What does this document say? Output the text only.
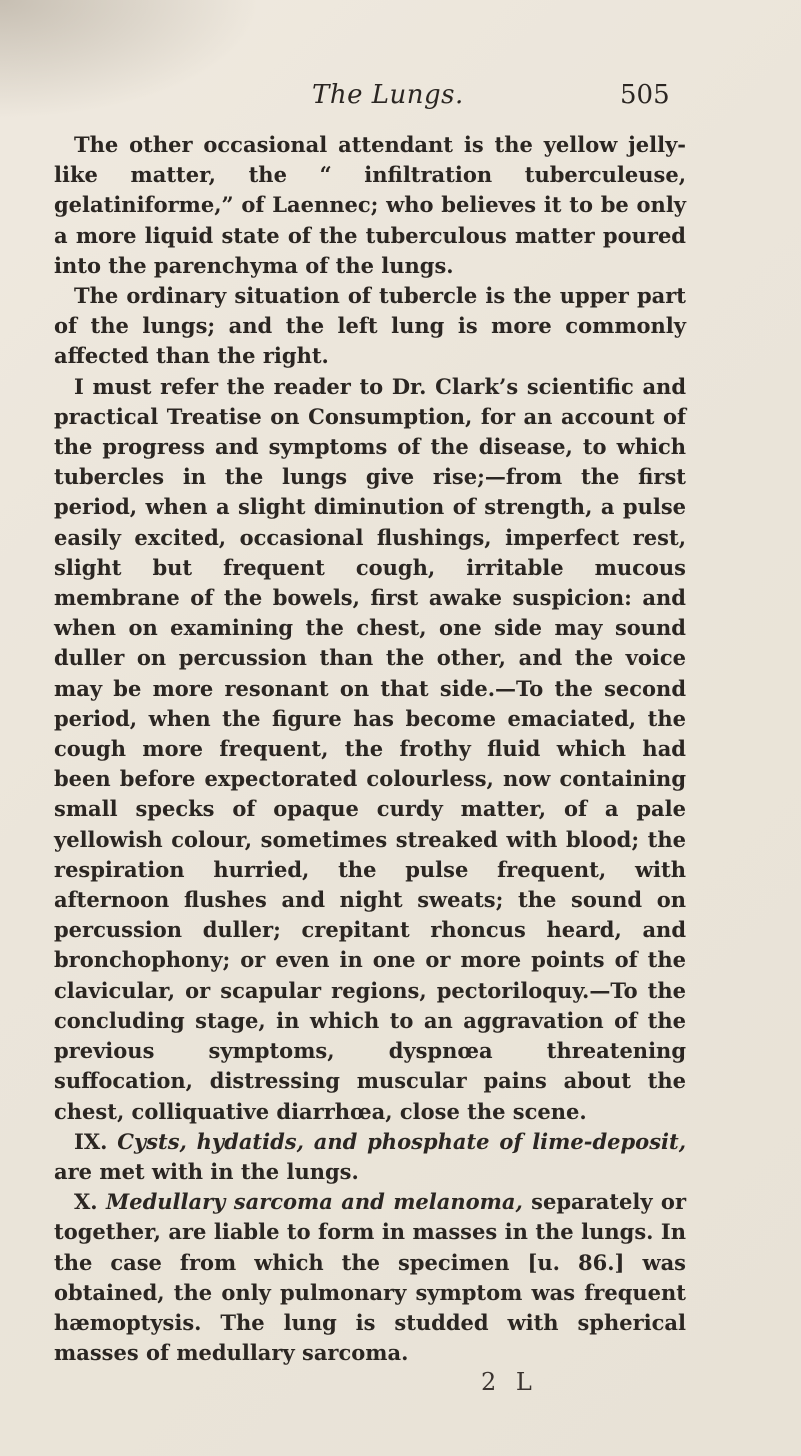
The Lungs.	505

The other occasional attendant is the yellow jelly-like matter, the “ infiltration tuberculeuse, gelatiniforme,” of Laennec; who believes it to be only a more liquid state of the tuberculous matter poured into the parenchyma of the lungs.

The ordinary situation of tubercle is the upper part of the lungs; and the left lung is more commonly affected than the right.

I must refer the reader to Dr. Clark’s scientific and practical Treatise on Consumption, for an account of the progress and symptoms of the disease, to which tubercles in the lungs give rise;—from the first period, when a slight diminution of strength, a pulse easily excited, occasional flushings, imperfect rest, slight but frequent cough, irritable mucous membrane of the bowels, first awake suspicion: and when on examining the chest, one side may sound duller on percussion than the other, and the voice may be more resonant on that side.—To the second period, when the figure has become emaciated, the cough more frequent, the frothy fluid which had been before expectorated colourless, now containing small specks of opaque curdy matter, of a pale yellowish colour, sometimes streaked with blood; the respiration hurried, the pulse frequent, with afternoon flushes and night sweats; the sound on percussion duller; crepitant rhoncus heard, and bronchophony; or even in one or more points of the clavicular, or scapular regions, pectoriloquy.—To the concluding stage, in which to an aggravation of the previous symptoms, dyspnœa threatening suffocation, distressing muscular pains about the chest, colliquative diarrhœa, close the scene.

IX. Cysts, hydatids, and phosphate of lime-deposit, are met with in the lungs.

X. Medullary sarcoma and melanoma, separately or together, are liable to form in masses in the lungs. In the case from which the specimen [u. 86.] was obtained, the only pulmonary symptom was frequent hæmoptysis. The lung is studded with spherical masses of medullary sarcoma.

2 L
